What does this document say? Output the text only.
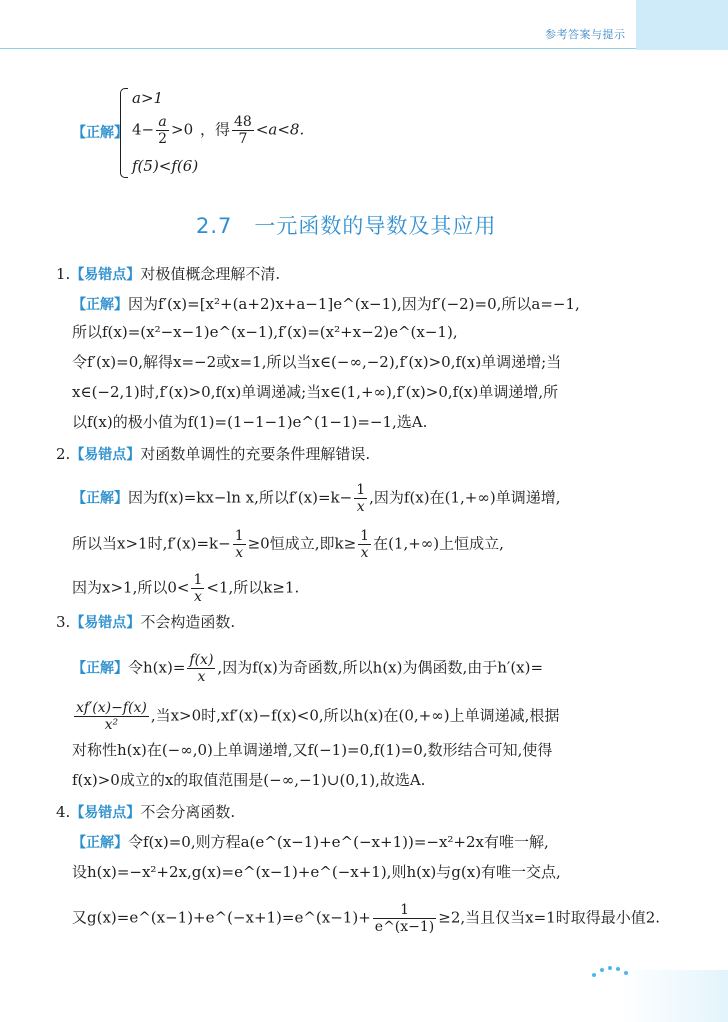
参考答案与提示
【正解】
a>1
$4- \frac{a}{2} >0$
f(5)<f(6)
，得 $\frac{48}{7} <a<8$.
2.7　一元函数的导数及其应用
1.【易错点】对极值概念理解不清.
【正解】因为f′(x)=[x²+(a+2)x+a−1]e^(x−1),因为f′(−2)=0,所以a=−1,
所以f(x)=(x²−x−1)e^(x−1),f′(x)=(x²+x−2)e^(x−1),
令f′(x)=0,解得x=−2或x=1,所以当x∈(−∞,−2),f′(x)>0,f(x)单调递增;当
x∈(−2,1)时,f′(x)>0,f(x)单调递减;当x∈(1,+∞),f′(x)>0,f(x)单调递增,所
以f(x)的极小值为f(1)=(1−1−1)e^(1−1)=−1,选A.
2.【易错点】对函数单调性的充要条件理解错误.
【正解】因为f(x)=kx−ln x,所以$f'(x)=k- \frac{1}{x}$ ,因为f(x)在(1,+∞)单调递增,
所以当x>1时$,f'(x)=k- \frac{1}{x} \ge 0$恒成立,即$k\ge \frac{1}{x}$ 在(1,+∞)上恒成立,
因为x>1,所以$0< \frac{1}{x} <1$,所以k≥1.
3.【易错点】不会构造函数.
【正解】令$h(x)= \frac{f(x)}{x}$ ,因为f(x)为奇函数,所以h(x)为偶函数,由于h′(x)=
$\frac{xf'(x)-f(x)}{\text{x²}}$ ,当x>0时,xf′(x)−f(x)<0,所以h(x)在(0,+∞)上单调递减,根据
对称性h(x)在(−∞,0)上单调递增,又f(−1)=0,f(1)=0,数形结合可知,使得
f(x)>0成立的x的取值范围是(−∞,−1)∪(0,1),故选A.
4.【易错点】不会分离函数.
【正解】令f(x)=0,则方程a(e^(x−1)+e^(−x+1))=−x²+2x有唯一解,
设h(x)=−x²+2x,g(x)=e^(x−1)+e^(−x+1),则h(x)与g(x)有唯一交点,
又g(x)=e^(x−1)+e^(−x+1)=e^(x−1)+ $\frac{1}{e\^{}(x-1)} \ge 2$,当且仅当x=1时取得最小值2.
